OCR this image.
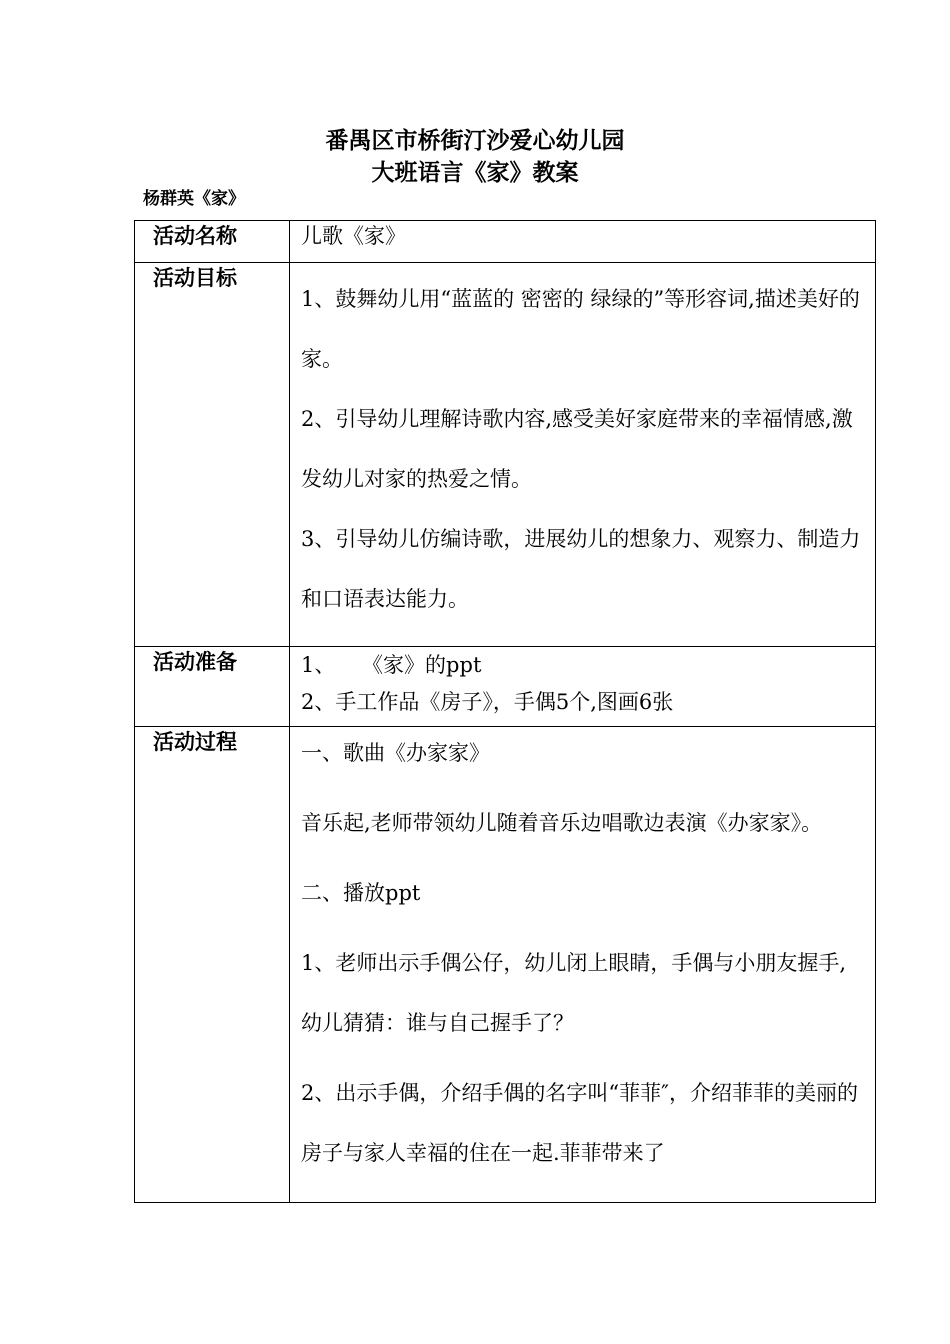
番禺区市桥街汀沙爱心幼儿园
大班语言《家》教案
杨群英《家》
活动名称	儿歌《家》

活动目标	1、鼓舞幼儿用“蓝蓝的 密密的 绿绿的”等形容词,描述美好的家。

2、引导幼儿理解诗歌内容,感受美好家庭带来的幸福情感,激发幼儿对家的热爱之情。

3、引导幼儿仿编诗歌，进展幼儿的想象力、观察力、制造力和口语表达能力。

活动准备	1、    《家》的ppt
2、手工作品《房子》，手偶5个,图画6张

活动过程	一、歌曲《办家家》

音乐起,老师带领幼儿随着音乐边唱歌边表演《办家家》。

二、播放ppt

1、老师出示手偶公仔，幼儿闭上眼睛，手偶与小朋友握手,幼儿猜猜：谁与自己握手了？

2、出示手偶，介绍手偶的名字叫“菲菲″，介绍菲菲的美丽的房子与家人幸福的住在一起.菲菲带来了
